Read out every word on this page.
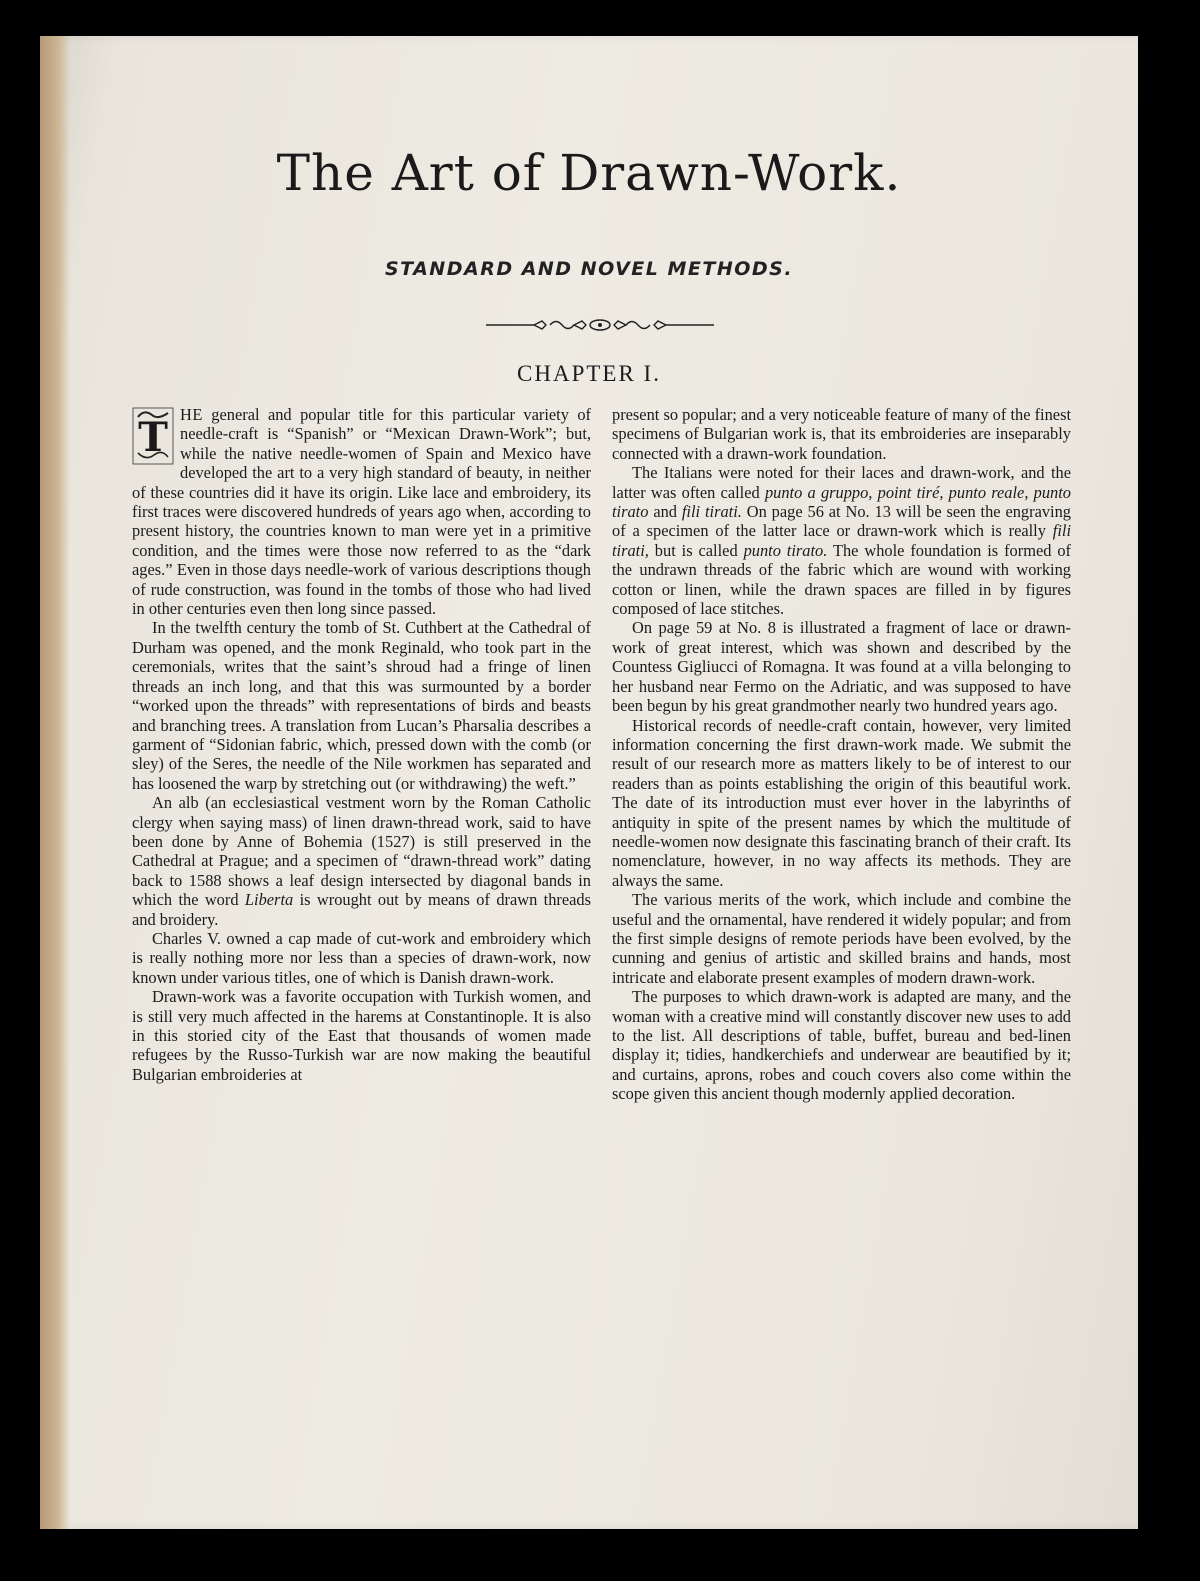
The Art of Drawn-Work.
STANDARD AND NOVEL METHODS.
CHAPTER I.

T HE general and popular title for this particular variety of needle-craft is “Spanish” or “Mexican Drawn-Work”; but, while the native needle-women of Spain and Mexico have developed the art to a very high standard of beauty, in neither of these countries did it have its origin. Like lace and embroidery, its first traces were discovered hundreds of years ago when, according to present history, the countries known to man were yet in a primitive condition, and the times were those now referred to as the “dark ages.” Even in those days needle-work of various descriptions though of rude construction, was found in the tombs of those who had lived in other centuries even then long since passed.

In the twelfth century the tomb of St. Cuthbert at the Cathedral of Durham was opened, and the monk Reginald, who took part in the ceremonials, writes that the saint’s shroud had a fringe of linen threads an inch long, and that this was surmounted by a border “worked upon the threads” with representations of birds and beasts and branching trees. A translation from Lucan’s Pharsalia describes a garment of “Sidonian fabric, which, pressed down with the comb (or sley) of the Seres, the needle of the Nile workmen has separated and has loosened the warp by stretching out (or withdrawing) the weft.”

An alb (an ecclesiastical vestment worn by the Roman Catholic clergy when saying mass) of linen drawn-thread work, said to have been done by Anne of Bohemia (1527) is still preserved in the Cathedral at Prague; and a specimen of “drawn-thread work” dating back to 1588 shows a leaf design intersected by diagonal bands in which the word Liberta is wrought out by means of drawn threads and broidery.

Charles V. owned a cap made of cut-work and embroidery which is really nothing more nor less than a species of drawn-work, now known under various titles, one of which is Danish drawn-work.

Drawn-work was a favorite occupation with Turkish women, and is still very much affected in the harems at Constantinople. It is also in this storied city of the East that thousands of women made refugees by the Russo-Turkish war are now making the beautiful Bulgarian embroideries at

present so popular; and a very noticeable feature of many of the finest specimens of Bulgarian work is, that its embroideries are inseparably connected with a drawn-work foundation.

The Italians were noted for their laces and drawn-work, and the latter was often called punto a gruppo, point tiré, punto reale, punto tirato and fili tirati. On page 56 at No. 13 will be seen the engraving of a specimen of the latter lace or drawn-work which is really fili tirati, but is called punto tirato. The whole foundation is formed of the undrawn threads of the fabric which are wound with working cotton or linen, while the drawn spaces are filled in by figures composed of lace stitches.

On page 59 at No. 8 is illustrated a fragment of lace or drawn-work of great interest, which was shown and described by the Countess Gigliucci of Romagna. It was found at a villa belonging to her husband near Fermo on the Adriatic, and was supposed to have been begun by his great grandmother nearly two hundred years ago.

Historical records of needle-craft contain, however, very limited information concerning the first drawn-work made. We submit the result of our research more as matters likely to be of interest to our readers than as points establishing the origin of this beautiful work. The date of its introduction must ever hover in the labyrinths of antiquity in spite of the present names by which the multitude of needle-women now designate this fascinating branch of their craft. Its nomenclature, however, in no way affects its methods. They are always the same.

The various merits of the work, which include and combine the useful and the ornamental, have rendered it widely popular; and from the first simple designs of remote periods have been evolved, by the cunning and genius of artistic and skilled brains and hands, most intricate and elaborate present examples of modern drawn-work.

The purposes to which drawn-work is adapted are many, and the woman with a creative mind will constantly discover new uses to add to the list. All descriptions of table, buffet, bureau and bed-linen display it; tidies, handkerchiefs and underwear are beautified by it; and curtains, aprons, robes and couch covers also come within the scope given this ancient though modernly applied decoration.
